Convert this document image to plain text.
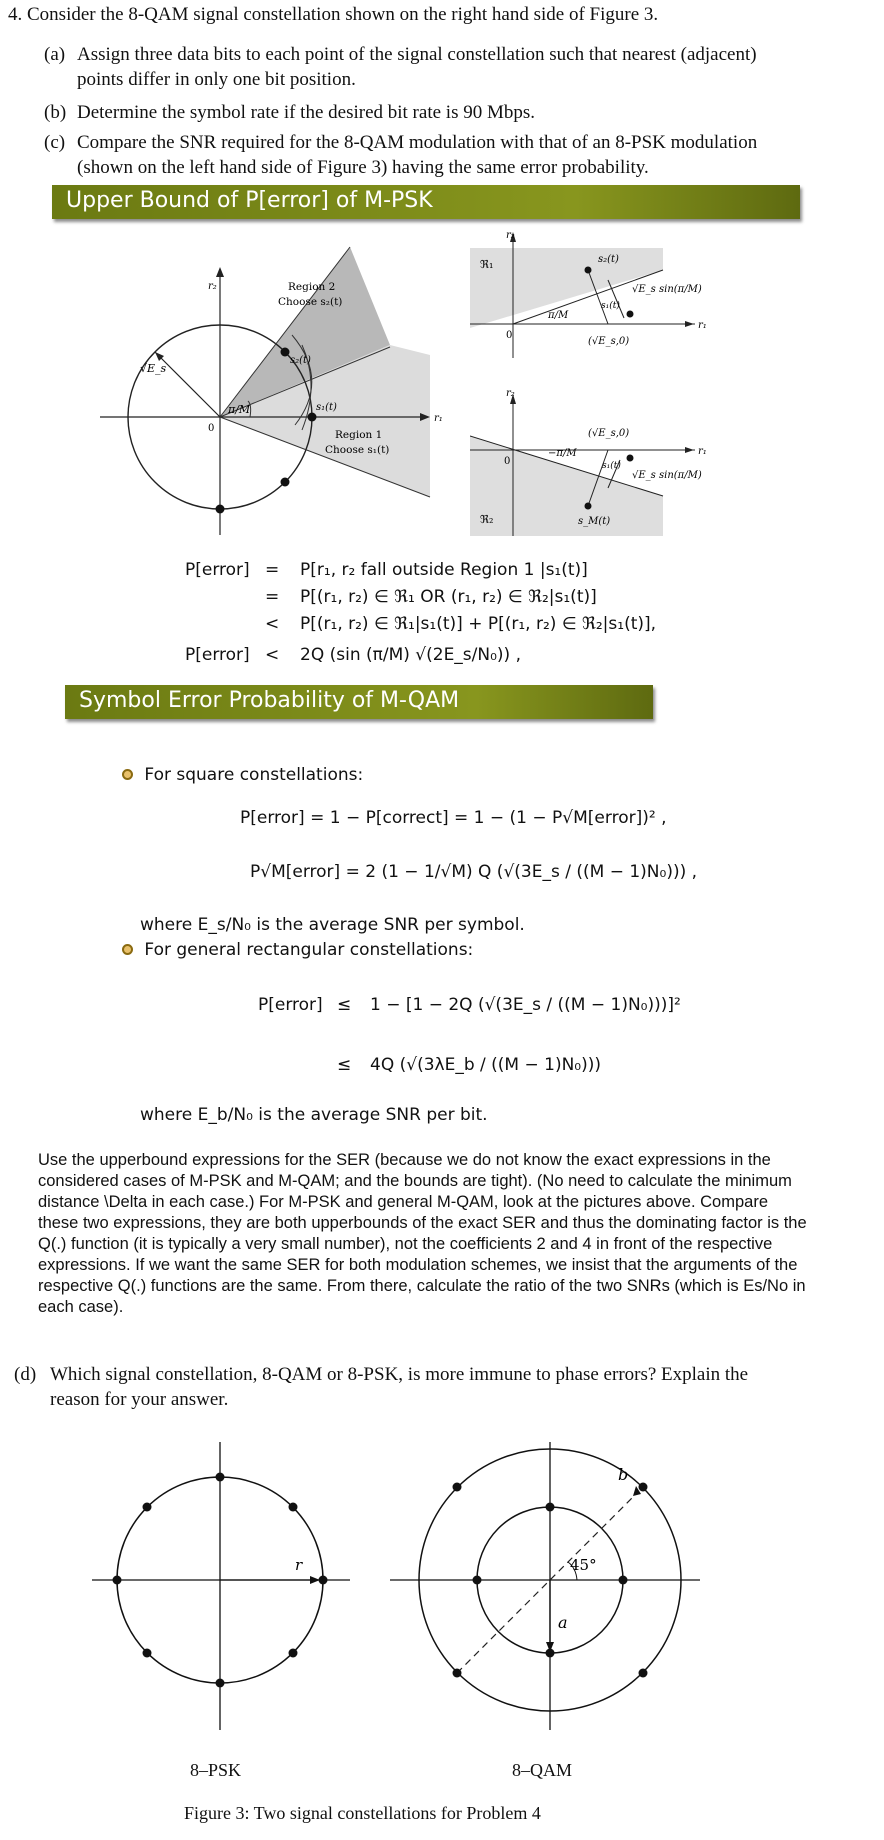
4. Consider the 8-QAM signal constellation shown on the right hand side of Figure 3.
(a) Assign three data bits to each point of the signal constellation such that nearest (adjacent)
points differ in only one bit position.
(b) Determine the symbol rate if the desired bit rate is 90 Mbps.
(c) Compare the SNR required for the 8-QAM modulation with that of an 8-PSK modulation
(shown on the left hand side of Figure 3) having the same error probability.
Upper Bound of P[error] of M-PSK
π/M
√E_s
0
r₁
r₂
s₁(t)
s₂(t)
Region 2
Choose s₂(t)
Region 1
Choose s₁(t)
ℜ₁
0
r₁
r₂
π/M
s₂(t)
s₁(t)
√E_s sin(π/M)
(√E_s,0)
ℜ₂
0
r₁
r₂
−π/M
s₁(t)
√E_s sin(π/M)
(√E_s,0)
s_M(t)
P[error] = P[r₁, r₂ fall outside Region 1 |s₁(t)]
= P[(r₁, r₂) ∈ ℜ₁ OR (r₁, r₂) ∈ ℜ₂|s₁(t)]
< P[(r₁, r₂) ∈ ℜ₁|s₁(t)] + P[(r₁, r₂) ∈ ℜ₂|s₁(t)],
P[error] < 2Q (sin (π/M) √(2E_s/N₀)) ,
Symbol Error Probability of M-QAM
For square constellations:
P[error] = 1 − P[correct] = 1 − (1 − P√M[error])² ,
P√M[error] = 2 (1 − 1/√M) Q (√(3E_s / ((M − 1)N₀))) ,
where E_s/N₀ is the average SNR per symbol.
For general rectangular constellations:
P[error] ≤ 1 − [1 − 2Q (√(3E_s / ((M − 1)N₀)))]²
≤ 4Q (√(3λE_b / ((M − 1)N₀)))
where E_b/N₀ is the average SNR per bit.
Use the upperbound expressions for the SER (because we do not know the exact expressions in the
considered cases of M-PSK and M-QAM; and the bounds are tight). (No need to calculate the minimum
distance \Delta in each case.) For M-PSK and general M-QAM, look at the pictures above. Compare
these two expressions, they are both upperbounds of the exact SER and thus the dominating factor is the
Q(.) function (it is typically a very small number), not the coefficients 2 and 4 in front of the respective
expressions. If we want the same SER for both modulation schemes, we insist that the arguments of the
respective Q(.) functions are the same. From there, calculate the ratio of the two SNRs (which is Es/No in
each case).
(d) Which signal constellation, 8-QAM or 8-PSK, is more immune to phase errors? Explain the
reason for your answer.
r	45°
b
a
8–PSK	8–QAM
Figure 3: Two signal constellations for Problem 4
